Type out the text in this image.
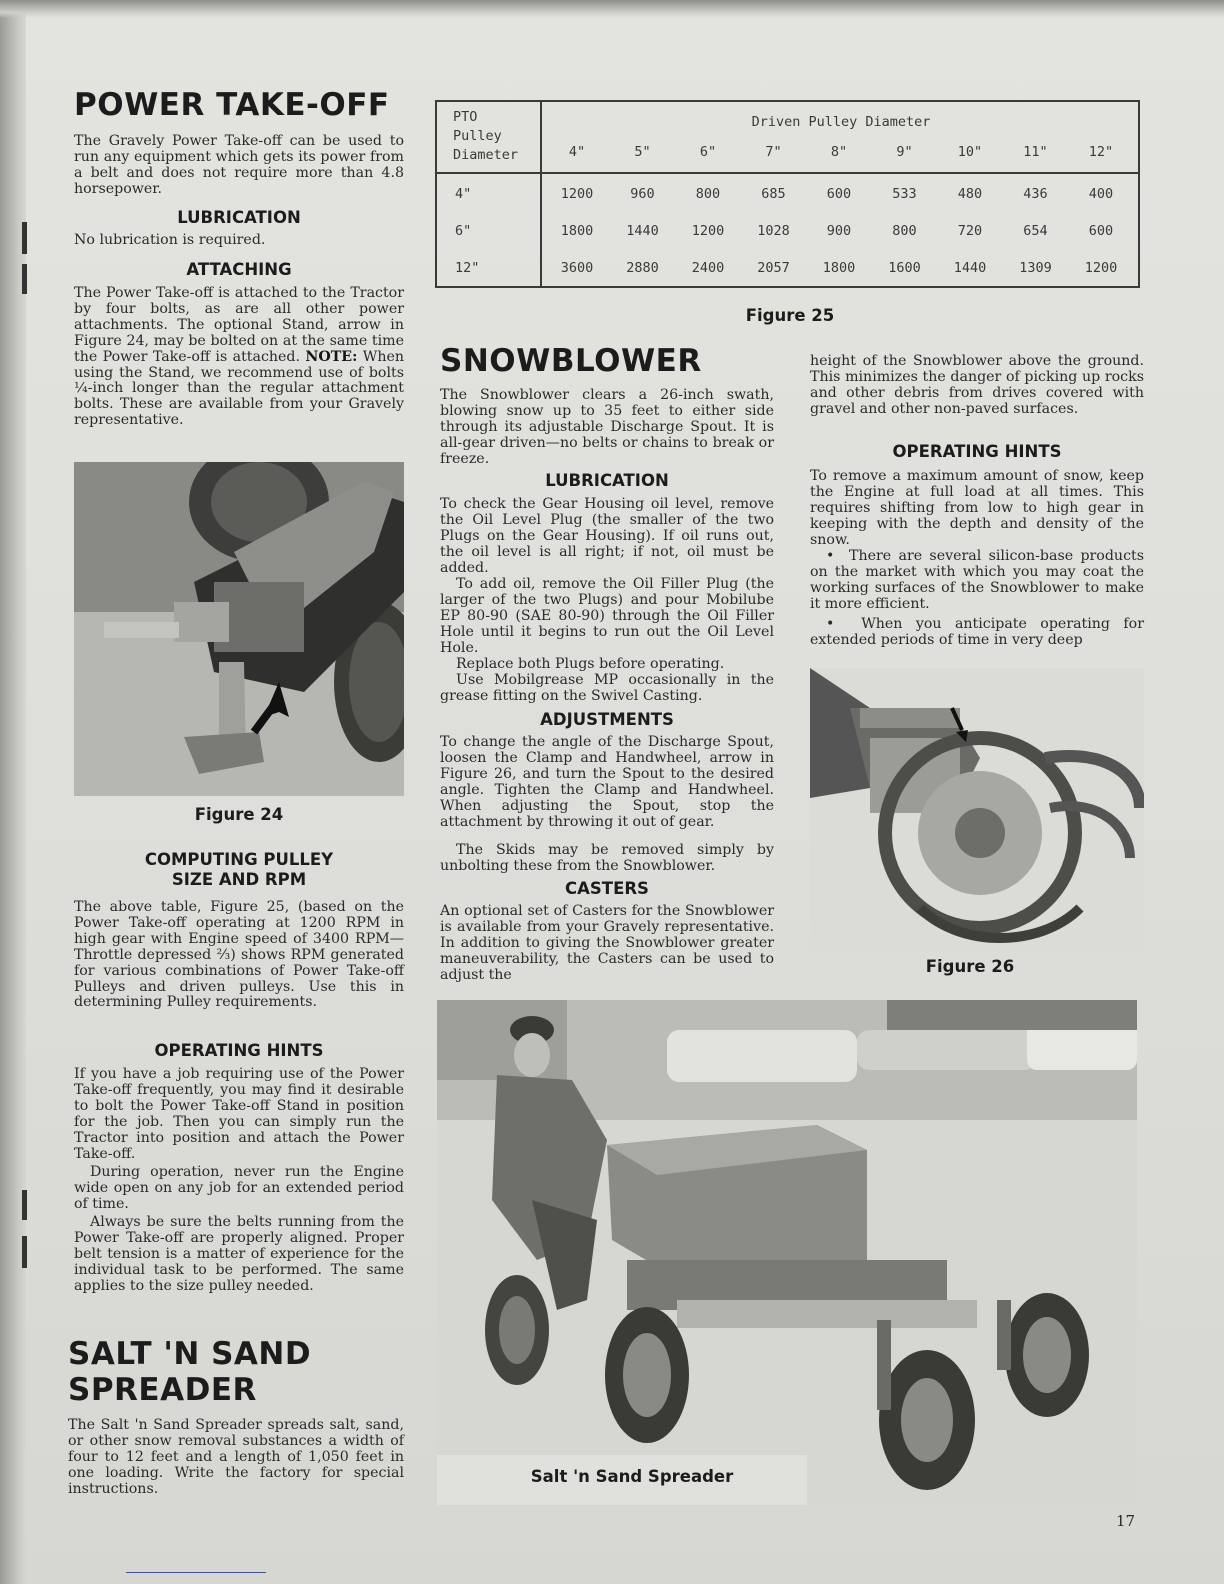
POWER TAKE-OFF

The Gravely Power Take-off can be used to run any equipment which gets its power from a belt and does not require more than 4.8 horsepower.

LUBRICATION

No lubrication is required.

ATTACHING

The Power Take-off is attached to the Tractor by four bolts, as are all other power attachments. The optional Stand, arrow in Figure 24, may be bolted on at the same time the Power Take-off is attached. NOTE: When using the Stand, we recommend use of bolts ¼-inch longer than the regular attachment bolts. These are available from your Gravely representative.

Figure 24
COMPUTING PULLEY
SIZE AND RPM

The above table, Figure 25, (based on the Power Take-off operating at 1200 RPM in high gear with Engine speed of 3400 RPM—Throttle depressed ⅔) shows RPM generated for various combinations of Power Take-off Pulleys and driven pulleys. Use this in determining Pulley requirements.

OPERATING HINTS

If you have a job requiring use of the Power Take-off frequently, you may find it desirable to bolt the Power Take-off Stand in position for the job. Then you can simply run the Tractor into position and attach the Power Take-off.

During operation, never run the Engine wide open on any job for an extended period of time.

Always be sure the belts running from the Power Take-off are properly aligned. Proper belt tension is a matter of experience for the individual task to be performed. The same applies to the size pulley needed.

SALT 'N SAND
SPREADER

The Salt 'n Sand Spreader spreads salt, sand, or other snow removal substances a width of four to 12 feet and a length of 1,050 feet in one loading. Write the factory for special instructions.

PTO
Pulley
Diameter
Driven Pulley Diameter
4"	5"	6"	7"	8"	9"	10"	11"	12"
4"	1200	960	800	685	600	533	480	436	400
6"	1800	1440	1200	1028	900	800	720	654	600
12"	3600	2880	2400	2057	1800	1600	1440	1309	1200
Figure 25
SNOWBLOWER

The Snowblower clears a 26-inch swath, blowing snow up to 35 feet to either side through its adjustable Discharge Spout. It is all-gear driven—no belts or chains to break or freeze.

LUBRICATION

To check the Gear Housing oil level, remove the Oil Level Plug (the smaller of the two Plugs on the Gear Housing). If oil runs out, the oil level is all right; if not, oil must be added.

To add oil, remove the Oil Filler Plug (the larger of the two Plugs) and pour Mobilube EP 80-90 (SAE 80-90) through the Oil Filler Hole until it begins to run out the Oil Level Hole.

Replace both Plugs before operating.

Use Mobilgrease MP occasionally in the grease fitting on the Swivel Casting.

ADJUSTMENTS

To change the angle of the Discharge Spout, loosen the Clamp and Handwheel, arrow in Figure 26, and turn the Spout to the desired angle. Tighten the Clamp and Handwheel. When adjusting the Spout, stop the attachment by throwing it out of gear.

The Skids may be removed simply by unbolting these from the Snowblower.

CASTERS

An optional set of Casters for the Snowblower is available from your Gravely representative. In addition to giving the Snowblower greater maneuverability, the Casters can be used to adjust the

height of the Snowblower above the ground. This minimizes the danger of picking up rocks and other debris from drives covered with gravel and other non-paved surfaces.

OPERATING HINTS

To remove a maximum amount of snow, keep the Engine at full load at all times. This requires shifting from low to high gear in keeping with the depth and density of the snow.

•  There are several silicon-base products on the market with which you may coat the working surfaces of the Snowblower to make it more efficient.

•  When you anticipate operating for extended periods of time in very deep

Figure 26
Salt 'n Sand Spreader
17
